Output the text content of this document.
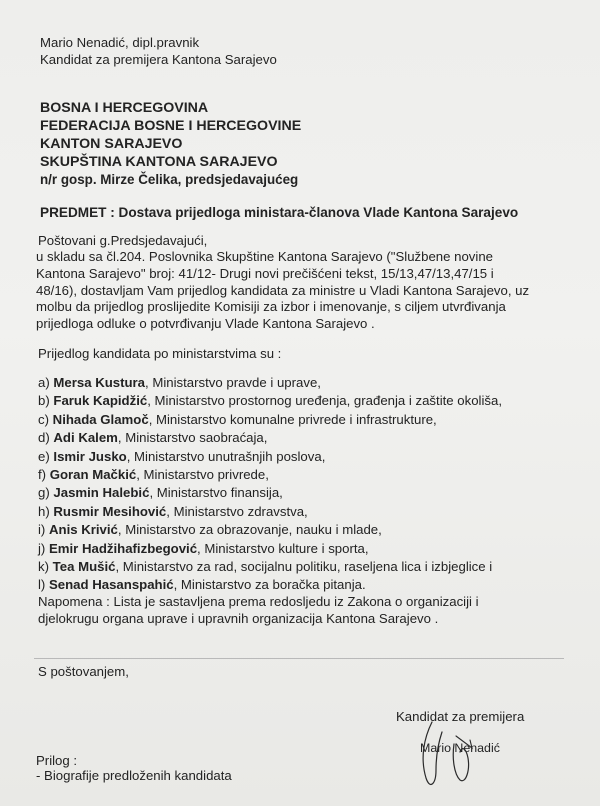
Mario Nenadić, dipl.pravnik
Kandidat za premijera Kantona Sarajevo
BOSNA I HERCEGOVINA
FEDERACIJA BOSNE I HERCEGOVINE
KANTON SARAJEVO
SKUPŠTINA KANTONA SARAJEVO
n/r gosp. Mirze Čelika, predsjedavajućeg
PREDMET : Dostava prijedloga ministara-članova Vlade Kantona Sarajevo
Poštovani g.Predsjedavajući,
u skladu sa čl.204. Poslovnika Skupštine Kantona Sarajevo ("Službene novine
Kantona Sarajevo" broj: 41/12- Drugi novi prečišćeni tekst, 15/13,47/13,47/15 i
48/16), dostavljam Vam prijedlog kandidata za ministre u Vladi Kantona Sarajevo, uz
molbu da prijedlog proslijedite Komisiji za izbor i imenovanje, s ciljem utvrđivanja
prijedloga odluke o potvrđivanju Vlade Kantona Sarajevo .
Prijedlog kandidata po ministarstvima su :
a) Mersa Kustura, Ministarstvo pravde i uprave,
b) Faruk Kapidžić, Ministarstvo prostornog uređenja, građenja i zaštite okoliša,
c) Nihada Glamoč, Ministarstvo komunalne privrede i infrastrukture,
d) Adi Kalem, Ministarstvo saobraćaja,
e) Ismir Jusko, Ministarstvo unutrašnjih poslova,
f) Goran Mačkić, Ministarstvo privrede,
g) Jasmin Halebić, Ministarstvo finansija,
h) Rusmir Mesihović, Ministarstvo zdravstva,
i) Anis Krivić, Ministarstvo za obrazovanje, nauku i mlade,
j) Emir Hadžihafizbegović, Ministarstvo kulture i sporta,
k) Tea Mušić, Ministarstvo za rad, socijalnu politiku, raseljena lica i izbjeglice i
l) Senad Hasanspahić, Ministarstvo za boračka pitanja.
Napomena : Lista je sastavljena prema redosljedu iz Zakona o organizaciji i
djelokrugu organa uprave i upravnih organizacija Kantona Sarajevo .
S poštovanjem,
Kandidat za premijera
Mario Nenadić
Prilog :
- Biografije predloženih kandidata
